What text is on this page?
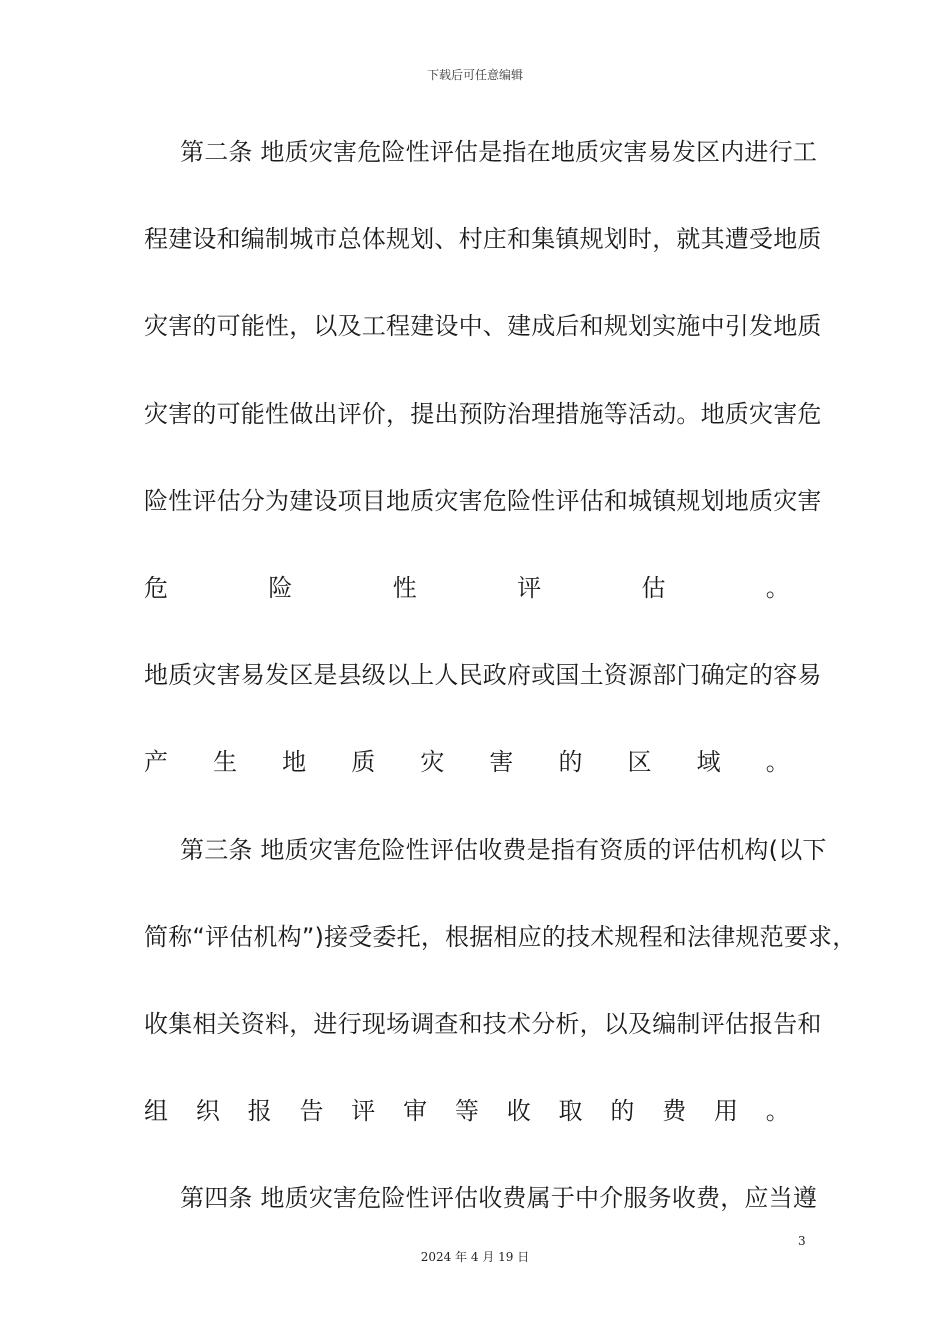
下载后可任意编辑
第二条 地质灾害危险性评估是指在地质灾害易发区内进行工
程建设和编制城市总体规划、村庄和集镇规划时，就其遭受地质
灾害的可能性，以及工程建设中、建成后和规划实施中引发地质
灾害的可能性做出评价，提出预防治理措施等活动。地质灾害危
险性评估分为建设项目地质灾害危险性评估和城镇规划地质灾害
危	险	性	评	估	。
地质灾害易发区是县级以上人民政府或国土资源部门确定的容易
产 生 地 质 灾 害 的 区 域 。
第三条 地质灾害危险性评估收费是指有资质的评估机构(以下
简称“评估机构”)接受委托，根据相应的技术规程和法律规范要求，
收集相关资料，进行现场调查和技术分析，以及编制评估报告和
组 织 报 告 评 审 等 收 取 的 费 用 。
第四条 地质灾害危险性评估收费属于中介服务收费，应当遵
3
2024 年 4 月 19 日
